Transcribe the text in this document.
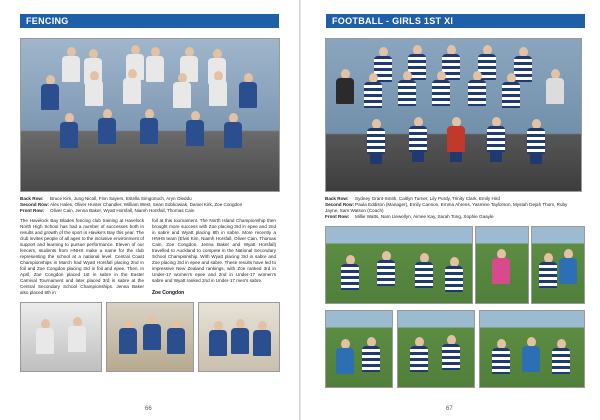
FENCING
Back Row: Bruce Kim, Jung Nicoll, Finn Sayers, Estella Simgonuch, Aryn Oleddu
Second Row:Alex Hales, Oliver Hunter Chandler, William West, Sean Sobkowiak, Daniel Kirk, Zoe Congdon
Front Row: Oliver Cain, Jenna Baker, Wyatt Horsfall, Niamh Horsfall, Thomas Cain
The Havelock Bay Blades fencing club training at Havelock North High School has had a number of successes both in results and growth of the sport in Hawke's Bay this year. The club invites people of all ages to the inclusive environment of support and learning to pursue performance. Eleven of our fencers, students from HNHS make a name for the club representing the school at a national level. Central Coast Championships in March had Wyatt Horsfall placing 2nd in foil and Zoe Congdon placing 3rd in foil and epee. Then, in April, Zoe Congdon placed 1st in sabre in the Easter Carnival Tournament and later placed 3rd in sabre at the Central Secondary School Championships. Jenna Baker also placed 6th in
foil at this tournament. The North Island Championship then brought more success with Zoe placing 3rd in epee and 2nd in sabre and Wyatt placing 8th in sabre. More recently a HNHS team (Elvis Kim, Niamh Horsfall, Oliver Cain, Thomas Cain, Zoe Congdon, Jenna Baker and Wyatt Horsfall) travelled to Auckland to compete in the National Secondary School Championship. With Wyatt placing 3rd in sabre and Zoe placing 3rd in epee and sabre. These results have led to impressive New Zealand rankings, with Zoe ranked 3rd in Under-17 women's epee and 2nd in Under-17 women's sabre and Wyatt ranked 2nd in Under-17 men's sabre.
Zoe Congdon
66
FOOTBALL - GIRLS 1ST XI
Back Row: Sydney Grant-Smith, Caitlyn Turner, Lily Purdy, Trinity Clark, Emily Hird
Second Row:Paula Eddison (Manager), Emily Cannon, Emma Ahrens, Yasmine Taylorson, Mystah Dejah Thom, Ruby Jayne, Sam Watson (Coach)
Front Row: Millie Watts, Nam Llewellyn, Aimee Kay, Sarah Tong, Sophie Gaayle
67
